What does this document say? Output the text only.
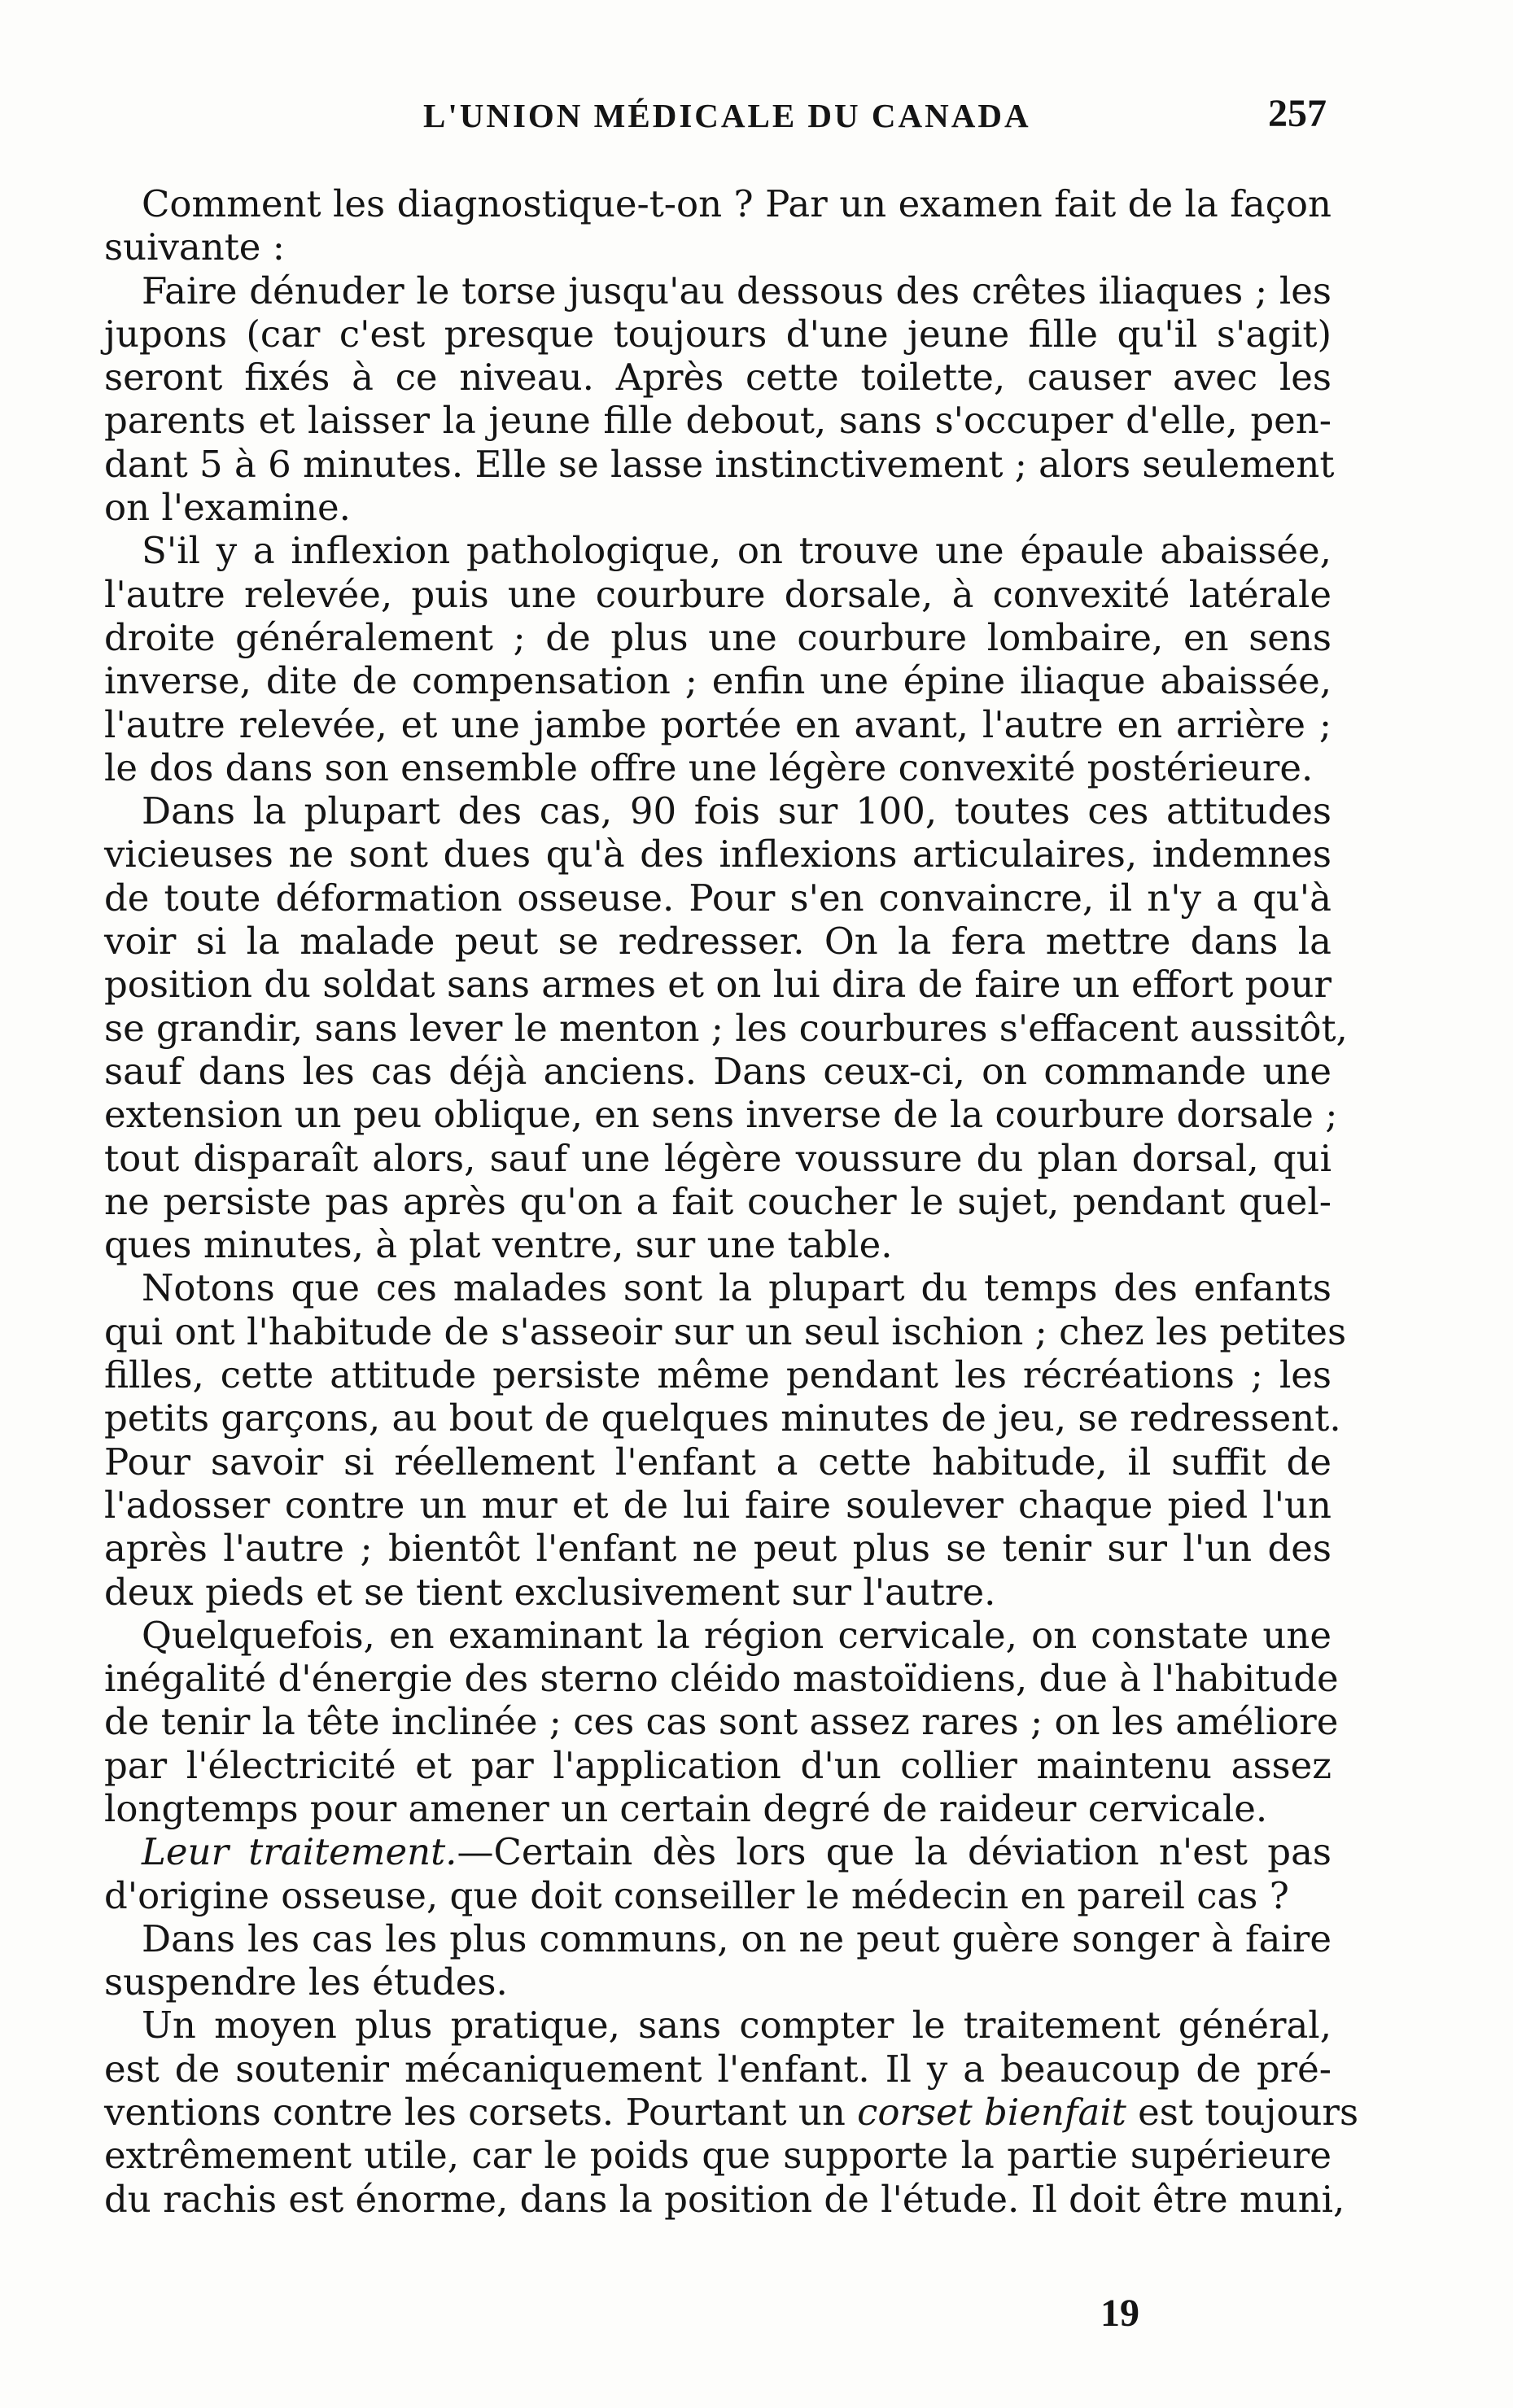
L'UNION MÉDICALE DU CANADA	257
Comment les diagnostique-t-on ? Par un examen fait de la façon
suivante :
Faire dénuder le torse jusqu'au dessous des crêtes iliaques ; les
jupons (car c'est presque toujours d'une jeune fille qu'il s'agit)
seront fixés à ce niveau. Après cette toilette, causer avec les
parents et laisser la jeune fille debout, sans s'occuper d'elle, pen-
dant 5 à 6 minutes. Elle se lasse instinctivement ; alors seulement
on l'examine.
S'il y a inflexion pathologique, on trouve une épaule abaissée,
l'autre relevée, puis une courbure dorsale, à convexité latérale
droite généralement ; de plus une courbure lombaire, en sens
inverse, dite de compensation ; enfin une épine iliaque abaissée,
l'autre relevée, et une jambe portée en avant, l'autre en arrière ;
le dos dans son ensemble offre une légère convexité postérieure.
Dans la plupart des cas, 90 fois sur 100, toutes ces attitudes
vicieuses ne sont dues qu'à des inflexions articulaires, indemnes
de toute déformation osseuse. Pour s'en convaincre, il n'y a qu'à
voir si la malade peut se redresser. On la fera mettre dans la
position du soldat sans armes et on lui dira de faire un effort pour
se grandir, sans lever le menton ; les courbures s'effacent aussitôt,
sauf dans les cas déjà anciens. Dans ceux-ci, on commande une
extension un peu oblique, en sens inverse de la courbure dorsale ;
tout disparaît alors, sauf une légère voussure du plan dorsal, qui
ne persiste pas après qu'on a fait coucher le sujet, pendant quel-
ques minutes, à plat ventre, sur une table.
Notons que ces malades sont la plupart du temps des enfants
qui ont l'habitude de s'asseoir sur un seul ischion ; chez les petites
filles, cette attitude persiste même pendant les récréations ; les
petits garçons, au bout de quelques minutes de jeu, se redressent.
Pour savoir si réellement l'enfant a cette habitude, il suffit de
l'adosser contre un mur et de lui faire soulever chaque pied l'un
après l'autre ; bientôt l'enfant ne peut plus se tenir sur l'un des
deux pieds et se tient exclusivement sur l'autre.
Quelquefois, en examinant la région cervicale, on constate une
inégalité d'énergie des sterno cléido mastoïdiens, due à l'habitude
de tenir la tête inclinée ; ces cas sont assez rares ; on les améliore
par l'électricité et par l'application d'un collier maintenu assez
longtemps pour amener un certain degré de raideur cervicale.
Leur traitement.—Certain dès lors que la déviation n'est pas
d'origine osseuse, que doit conseiller le médecin en pareil cas ?
Dans les cas les plus communs, on ne peut guère songer à faire
suspendre les études.
Un moyen plus pratique, sans compter le traitement général,
est de soutenir mécaniquement l'enfant. Il y a beaucoup de pré-
ventions contre les corsets. Pourtant un corset bienfait est toujours
extrêmement utile, car le poids que supporte la partie supérieure
du rachis est énorme, dans la position de l'étude. Il doit être muni,
19
